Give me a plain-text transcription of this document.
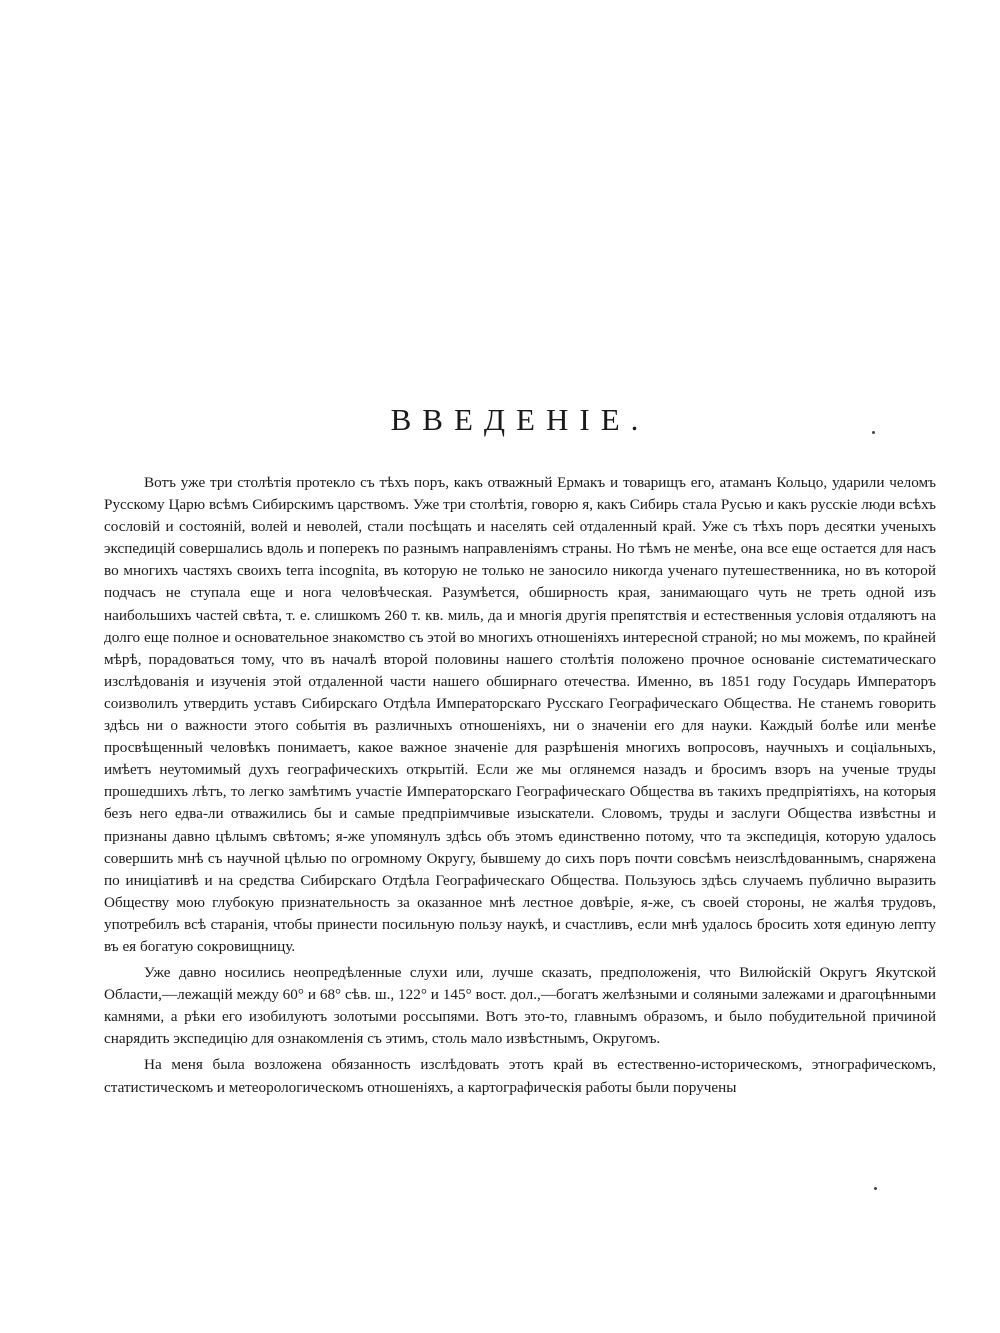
ВВЕДЕНІЕ.

Вотъ уже три столѣтія протекло съ тѣхъ поръ, какъ отважный Ермакъ и товарищъ его, атаманъ Кольцо, ударили челомъ Русскому Царю всѣмъ Сибирскимъ царствомъ. Уже три столѣтія, говорю я, какъ Сибирь стала Русью и какъ русскіе люди всѣхъ сословій и состояній, волей и неволей, стали посѣщать и населять сей отдаленный край. Уже съ тѣхъ поръ десятки ученыхъ экспедицій совершались вдоль и поперекъ по разнымъ направленіямъ страны. Но тѣмъ не менѣе, она все еще остается для насъ во многихъ частяхъ своихъ terra incognita, въ которую не только не заносило никогда ученаго путешественника, но въ которой подчасъ не ступала еще и нога человѣческая. Разумѣется, обширность края, занимающаго чуть не треть одной изъ наибольшихъ частей свѣта, т. е. слишкомъ 260 т. кв. миль, да и многія другія препятствія и естественныя условія отдаляютъ на долго еще полное и основательное знакомство съ этой во многихъ отношеніяхъ интересной страной; но мы можемъ, по крайней мѣрѣ, порадоваться тому, что въ началѣ второй половины нашего столѣтія положено прочное основаніе систематическаго изслѣдованія и изученія этой отдаленной части нашего обширнаго отечества. Именно, въ 1851 году Государь Императоръ соизволилъ утвердить уставъ Сибирскаго Отдѣла Императорскаго Русскаго Географическаго Общества. Не станемъ говорить здѣсь ни о важности этого событія въ различныхъ отношеніяхъ, ни о значеніи его для науки. Каждый болѣе или менѣе просвѣщенный человѣкъ понимаетъ, какое важное значеніе для разрѣшенія многихъ вопросовъ, научныхъ и соціальныхъ, имѣетъ неутомимый духъ географическихъ открытій. Если же мы оглянемся назадъ и бросимъ взоръ на ученые труды прошедшихъ лѣтъ, то легко замѣтимъ участіе Императорскаго Географическаго Общества въ такихъ предпріятіяхъ, на которыя безъ него едва-ли отважились бы и самые предпріимчивые изыскатели. Словомъ, труды и заслуги Общества извѣстны и признаны давно цѣлымъ свѣтомъ; я-же упомянулъ здѣсь объ этомъ единственно потому, что та экспедиція, которую удалось совершить мнѣ съ научной цѣлью по огромному Округу, бывшему до сихъ поръ почти совсѣмъ неизслѣдованнымъ, снаряжена по иниціативѣ и на средства Сибирскаго Отдѣла Географическаго Общества. Пользуюсь здѣсь случаемъ публично выразить Обществу мою глубокую признательность за оказанное мнѣ лестное довѣріе, я-же, съ своей стороны, не жалѣя трудовъ, употребилъ всѣ старанія, чтобы принести посильную пользу наукѣ, и счастливъ, если мнѣ удалось бросить хотя единую лепту въ ея богатую сокровищницу.

Уже давно носились неопредѣленные слухи или, лучше сказать, предположенія, что Вилюйскій Округъ Якутской Области,—лежащій между 60° и 68° сѣв. ш., 122° и 145° вост. дол.,—богатъ желѣзными и соляными залежами и драгоцѣнными камнями, а рѣки его изобилуютъ золотыми россыпями. Вотъ это-то, главнымъ образомъ, и было побудительной причиной снарядить экспедицію для ознакомленія съ этимъ, столь мало извѣстнымъ, Округомъ.

На меня была возложена обязанность изслѣдовать этотъ край въ естественно-историческомъ, этнографическомъ, статистическомъ и метеорологическомъ отношеніяхъ, а картографическія работы были поручены
